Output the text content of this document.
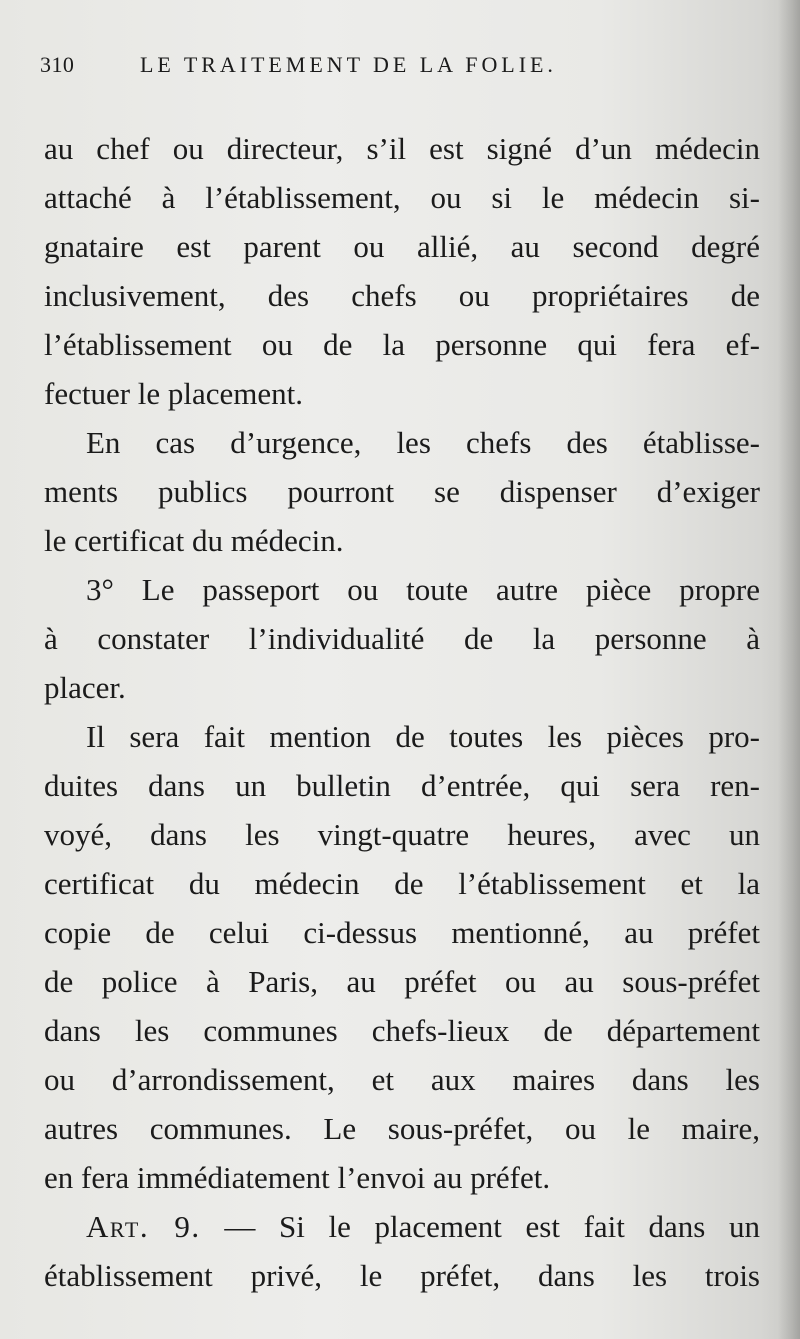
310	LE TRAITEMENT DE LA FOLIE.
au chef ou directeur, s’il est signé d’un médecin
attaché à l’établissement, ou si le médecin si-
gnataire est parent ou allié, au second degré
inclusivement, des chefs ou propriétaires de
l’établissement ou de la personne qui fera ef-
fectuer le placement.
En cas d’urgence, les chefs des établisse-
ments publics pourront se dispenser d’exiger
le certificat du médecin.
3° Le passeport ou toute autre pièce propre
à constater l’individualité de la personne à
placer.
Il sera fait mention de toutes les pièces pro-
duites dans un bulletin d’entrée, qui sera ren-
voyé, dans les vingt-quatre heures, avec un
certificat du médecin de l’établissement et la
copie de celui ci-dessus mentionné, au préfet
de police à Paris, au préfet ou au sous-préfet
dans les communes chefs-lieux de département
ou d’arrondissement, et aux maires dans les
autres communes. Le sous-préfet, ou le maire,
en fera immédiatement l’envoi au préfet.
Art. 9. — Si le placement est fait dans un
établissement privé, le préfet, dans les trois
